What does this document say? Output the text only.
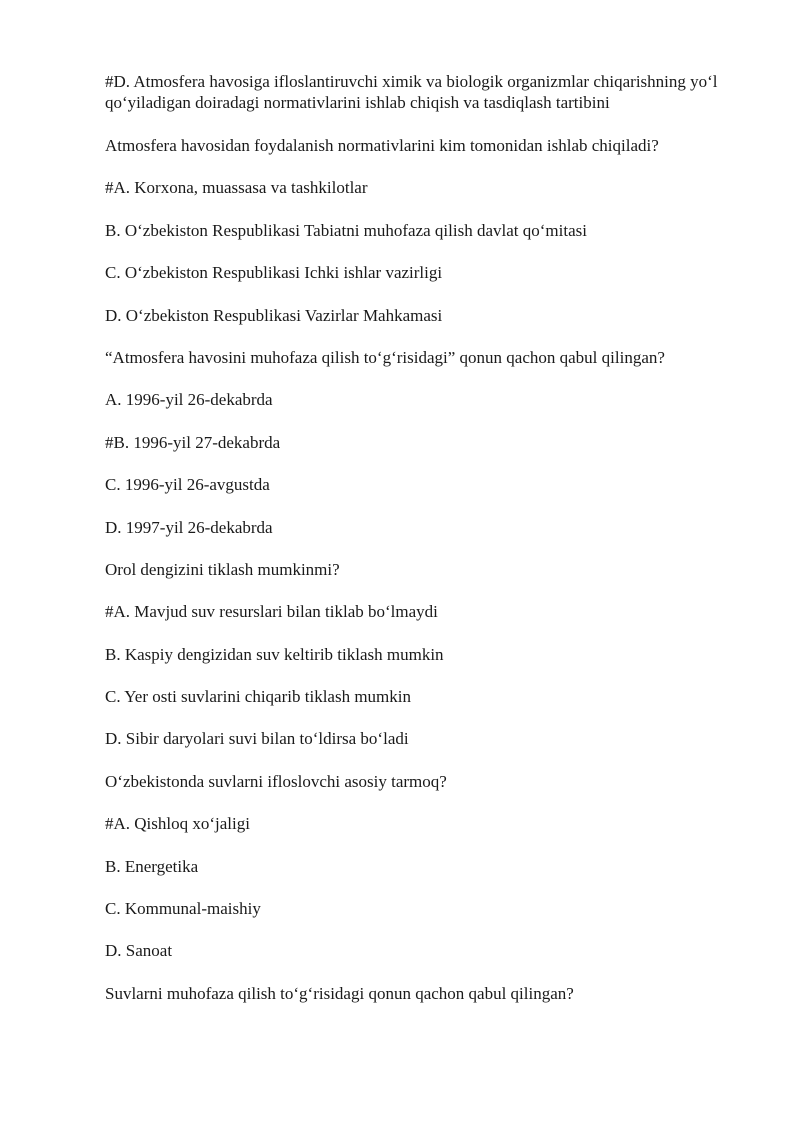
#D. Atmosfera havosiga ifloslantiruvchi ximik va biologik organizmlar chiqarishning yo‘l qo‘yiladigan doiradagi normativlarini ishlab chiqish va tasdiqlash tartibini

Atmosfera havosidan foydalanish normativlarini kim tomonidan ishlab chiqiladi?

#A. Korxona, muassasa va tashkilotlar

B. O‘zbekiston Respublikasi Tabiatni muhofaza qilish davlat qo‘mitasi

C. O‘zbekiston Respublikasi Ichki ishlar vazirligi

D. O‘zbekiston Respublikasi Vazirlar Mahkamasi

“Atmosfera havosini muhofaza qilish to‘g‘risidagi” qonun qachon qabul qilingan?

A. 1996-yil 26-dekabrda

#B. 1996-yil 27-dekabrda

C. 1996-yil 26-avgustda

D. 1997-yil 26-dekabrda

Orol dengizini tiklash mumkinmi?

#A. Mavjud suv resurslari bilan tiklab bo‘lmaydi

B. Kaspiy dengizidan suv keltirib tiklash mumkin

C. Yer osti suvlarini chiqarib tiklash mumkin

D. Sibir daryolari suvi bilan to‘ldirsa bo‘ladi

O‘zbekistonda suvlarni ifloslovchi asosiy tarmoq?

#A. Qishloq xo‘jaligi

B. Energetika

C. Kommunal-maishiy

D. Sanoat

Suvlarni muhofaza qilish to‘g‘risidagi qonun qachon qabul qilingan?
